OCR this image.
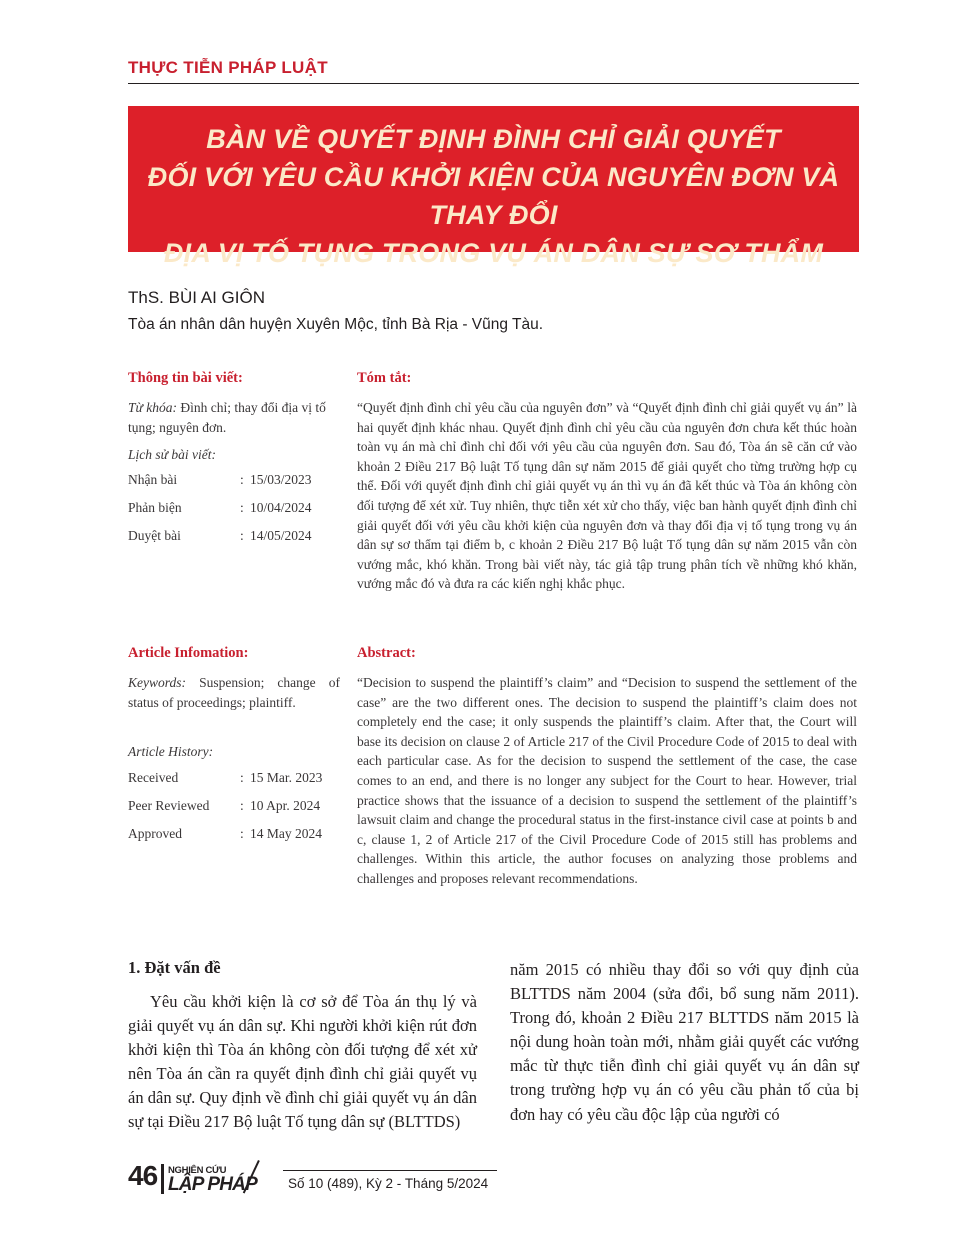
THỰC TIỄN PHÁP LUẬT
BÀN VỀ QUYẾT ĐỊNH ĐÌNH CHỈ GIẢI QUYẾT
ĐỐI VỚI YÊU CẦU KHỞI KIỆN CỦA NGUYÊN ĐƠN VÀ THAY ĐỔI
ĐỊA VỊ TỐ TỤNG TRONG VỤ ÁN DÂN SỰ SƠ THẨM
ThS. BÙI AI GIÔN
Tòa án nhân dân huyện Xuyên Mộc, tỉnh Bà Rịa - Vũng Tàu.
Thông tin bài viết:
Từ khóa: Đình chỉ; thay đổi địa vị tố tụng; nguyên đơn.
Lịch sử bài viết:
Nhận bài	: 15/03/2023
Phản biện	: 10/04/2024
Duyệt bài	: 14/05/2024
Tóm tắt:

“Quyết định đình chỉ yêu cầu của nguyên đơn” và “Quyết định đình chỉ giải quyết vụ án” là hai quyết định khác nhau. Quyết định đình chỉ yêu cầu của nguyên đơn chưa kết thúc hoàn toàn vụ án mà chỉ đình chỉ đối với yêu cầu của nguyên đơn. Sau đó, Tòa án sẽ căn cứ vào khoản 2 Điều 217 Bộ luật Tố tụng dân sự năm 2015 để giải quyết cho từng trường hợp cụ thể. Đối với quyết định đình chỉ giải quyết vụ án thì vụ án đã kết thúc và Tòa án không còn đối tượng để xét xử. Tuy nhiên, thực tiễn xét xử cho thấy, việc ban hành quyết định đình chỉ giải quyết đối với yêu cầu khởi kiện của nguyên đơn và thay đổi địa vị tố tụng trong vụ án dân sự sơ thẩm tại điểm b, c khoản 2 Điều 217 Bộ luật Tố tụng dân sự năm 2015 vẫn còn vướng mắc, khó khăn. Trong bài viết này, tác giả tập trung phân tích về những khó khăn, vướng mắc đó và đưa ra các kiến nghị khắc phục.

Article Infomation:
Keywords: Suspension; change of status of proceedings; plaintiff.
Article History:
Received	: 15 Mar. 2023
Peer Reviewed : 10 Apr. 2024
Approved	: 14 May 2024
Abstract:

“Decision to suspend the plaintiff’s claim” and “Decision to suspend the settlement of the case” are the two different ones. The decision to suspend the plaintiff’s claim does not completely end the case; it only suspends the plaintiff’s claim. After that, the Court will base its decision on clause 2 of Article 217 of the Civil Procedure Code of 2015 to deal with each particular case. As for the decision to suspend the settlement of the case, the case comes to an end, and there is no longer any subject for the Court to hear. However, trial practice shows that the issuance of a decision to suspend the settlement of the plaintiff’s lawsuit claim and change the procedural status in the first-instance civil case at points b and c, clause 1, 2 of Article 217 of the Civil Procedure Code of 2015 still has problems and challenges. Within this article, the author focuses on analyzing those problems and challenges and proposes relevant recommendations.

1. Đặt vấn đề

Yêu cầu khởi kiện là cơ sở để Tòa án thụ lý và giải quyết vụ án dân sự. Khi người khởi kiện rút đơn khởi kiện thì Tòa án không còn đối tượng để xét xử nên Tòa án cần ra quyết định đình chỉ giải quyết vụ án dân sự. Quy định về đình chỉ giải quyết vụ án dân sự tại Điều 217 Bộ luật Tố tụng dân sự (BLTTDS)

năm 2015 có nhiều thay đổi so với quy định của BLTTDS năm 2004 (sửa đổi, bổ sung năm 2011). Trong đó, khoản 2 Điều 217 BLTTDS năm 2015 là nội dung hoàn toàn mới, nhằm giải quyết các vướng mắc từ thực tiễn đình chỉ giải quyết vụ án dân sự trong trường hợp vụ án có yêu cầu phản tố của bị đơn hay có yêu cầu độc lập của người có

46 NGHIÊN CỨU
LẬP PHÁP Số 10 (489), Kỳ 2 - Tháng 5/2024
